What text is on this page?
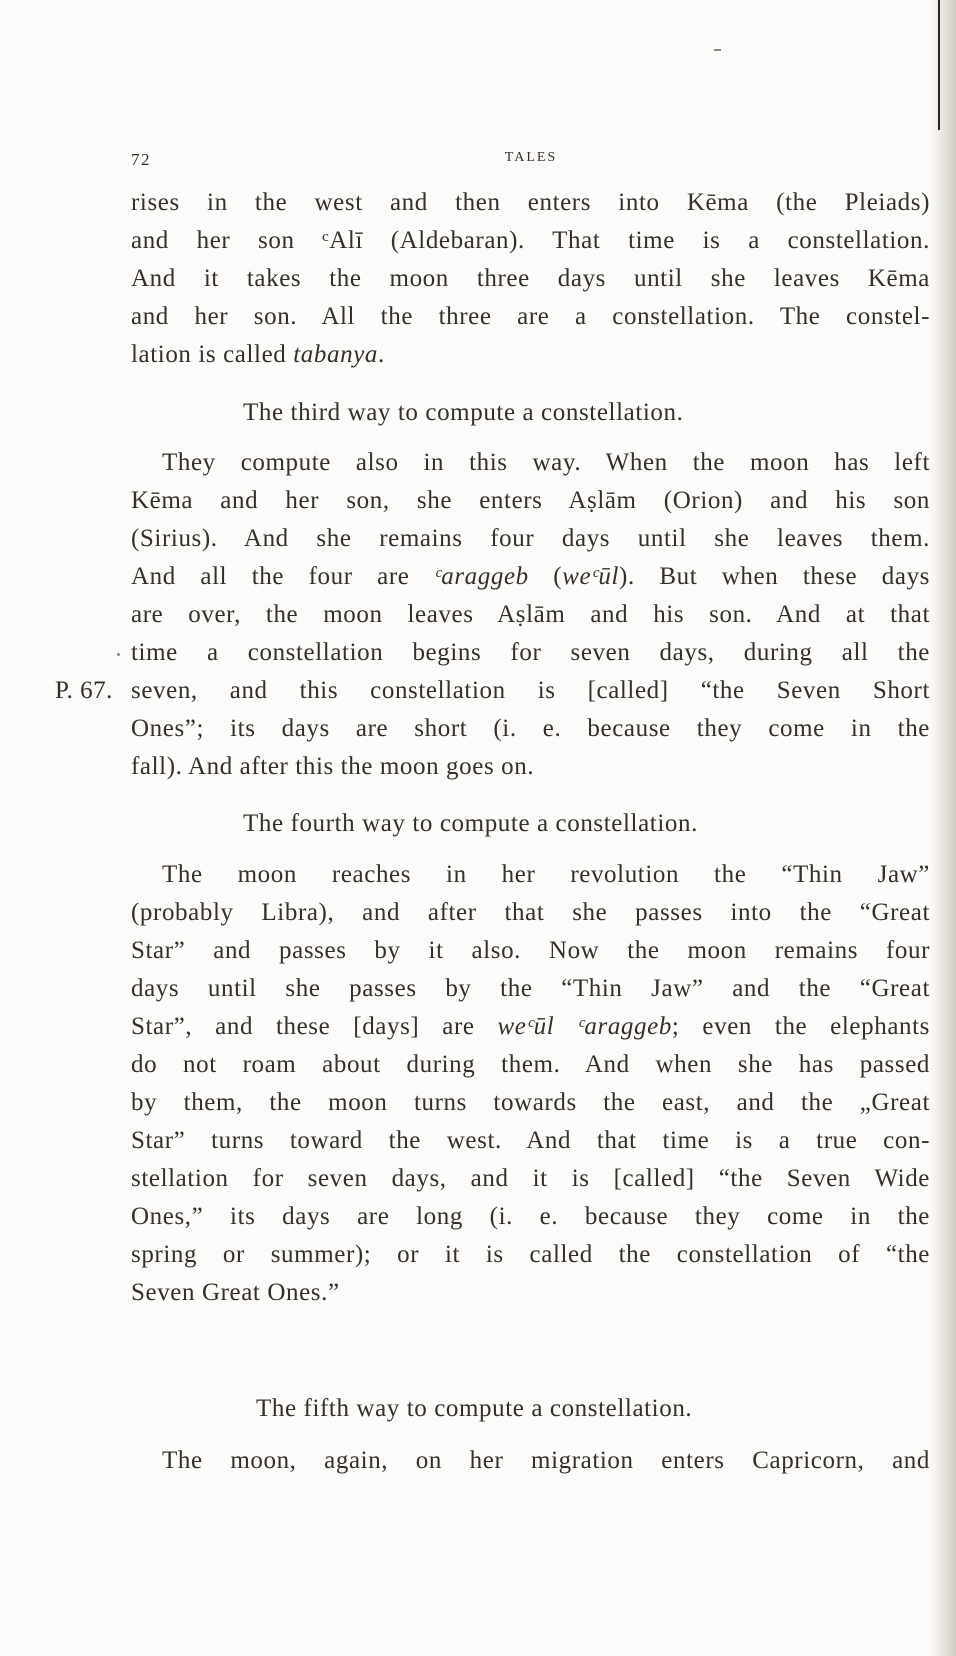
72	TALES
rises in the west and then enters into Kēma (the Pleiads)
and her son ᶜAlī (Aldebaran). That time is a constellation.
And it takes the moon three days until she leaves Kēma
and her son. All the three are a constellation. The constel-
lation is called tabanya.
The third way to compute a constellation.
They compute also in this way. When the moon has left
Kēma and her son, she enters Aṣlām (Orion) and his son
(Sirius). And she remains four days until she leaves them.
And all the four are ᶜaraggeb (weᶜūl). But when these days
are over, the moon leaves Aṣlām and his son. And at that
time a constellation begins for seven days, during all the
P. 67. seven, and this constellation is [called] “the Seven Short
Ones”; its days are short (i. e. because they come in the
fall). And after this the moon goes on.
The fourth way to compute a constellation.
The moon reaches in her revolution the “Thin Jaw”
(probably Libra), and after that she passes into the “Great
Star” and passes by it also. Now the moon remains four
days until she passes by the “Thin Jaw” and the “Great
Star”, and these [days] are weᶜūl ᶜaraggeb; even the elephants
do not roam about during them. And when she has passed
by them, the moon turns towards the east, and the „Great
Star” turns toward the west. And that time is a true con-
stellation for seven days, and it is [called] “the Seven Wide
Ones,” its days are long (i. e. because they come in the
spring or summer); or it is called the constellation of “the
Seven Great Ones.”
The fifth way to compute a constellation.
The moon, again, on her migration enters Capricorn, and
